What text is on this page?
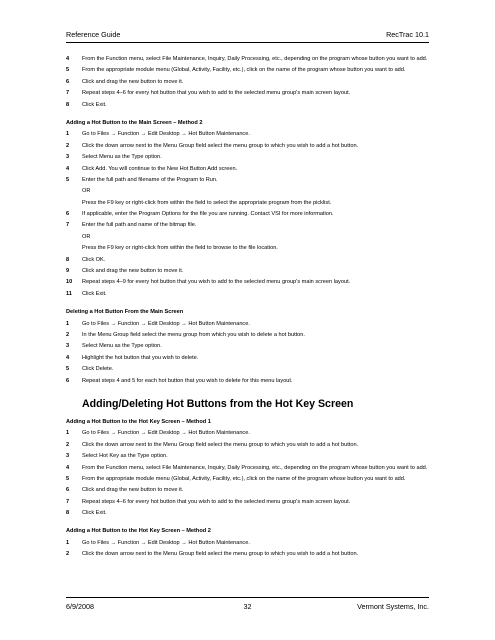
Reference Guide	RecTrac 10.1
4	From the Function menu, select File Maintenance, Inquiry, Daily Processing, etc., depending on the program whose button you want to add.
5	From the appropriate module menu (Global, Activity, Facility, etc.), click on the name of the program whose button you want to add.
6	Click and drag the new button to move it.
7	Repeat steps 4–6 for every hot button that you wish to add to the selected menu group's main screen layout.
8	Click Exit.
Adding a Hot Button to the Main Screen – Method 2
1	Go to Files → Function → Edit Desktop → Hot Button Maintenance.
2	Click the down arrow next to the Menu Group field select the menu group to which you wish to add a hot button.
3	Select Menu as the Type option.
4	Click Add. You will continue to the New Hot Button Add screen.
5	Enter the full path and filename of the Program to Run.
OR
Press the F9 key or right-click from within the field to select the appropriate program from the picklist.
6	If applicable, enter the Program Options for the file you are running. Contact VSI for more information.
7	Enter the full path and name of the bitmap file.
OR
Press the F9 key or right-click from within the field to browse to the file location.
8	Click OK.
9	Click and drag the new button to move it.
10	Repeat steps 4–9 for every hot button that you wish to add to the selected menu group's main screen layout.
11	Click Exit.
Deleting a Hot Button From the Main Screen
1	Go to Files → Function → Edit Desktop → Hot Button Maintenance.
2	In the Menu Group field select the menu group from which you wish to delete a hot button.
3	Select Menu as the Type option.
4	Highlight the hot button that you wish to delete.
5	Click Delete.
6	Repeat steps 4 and 5 for each hot button that you wish to delete for this menu layout.
Adding/Deleting Hot Buttons from the Hot Key Screen
Adding a Hot Button to the Hot Key Screen – Method 1
1	Go to Files → Function → Edit Desktop → Hot Button Maintenance.
2	Click the down arrow next to the Menu Group field select the menu group to which you wish to add a hot button.
3	Select Hot Key as the Type option.
4	From the Function menu, select File Maintenance, Inquiry, Daily Processing, etc., depending on the program whose button you want to add.
5	From the appropriate module menu (Global, Activity, Facility, etc.), click on the name of the program whose button you want to add.
6	Click and drag the new button to move it.
7	Repeat steps 4–6 for every hot button that you wish to add to the selected menu group's main screen layout.
8	Click Exit.
Adding a Hot Button to the Hot Key Screen – Method 2
1	Go to Files → Function → Edit Desktop → Hot Button Maintenance.
2	Click the down arrow next to the Menu Group field select the menu group to which you wish to add a hot button.
6/9/2008	32	Vermont Systems, Inc.
